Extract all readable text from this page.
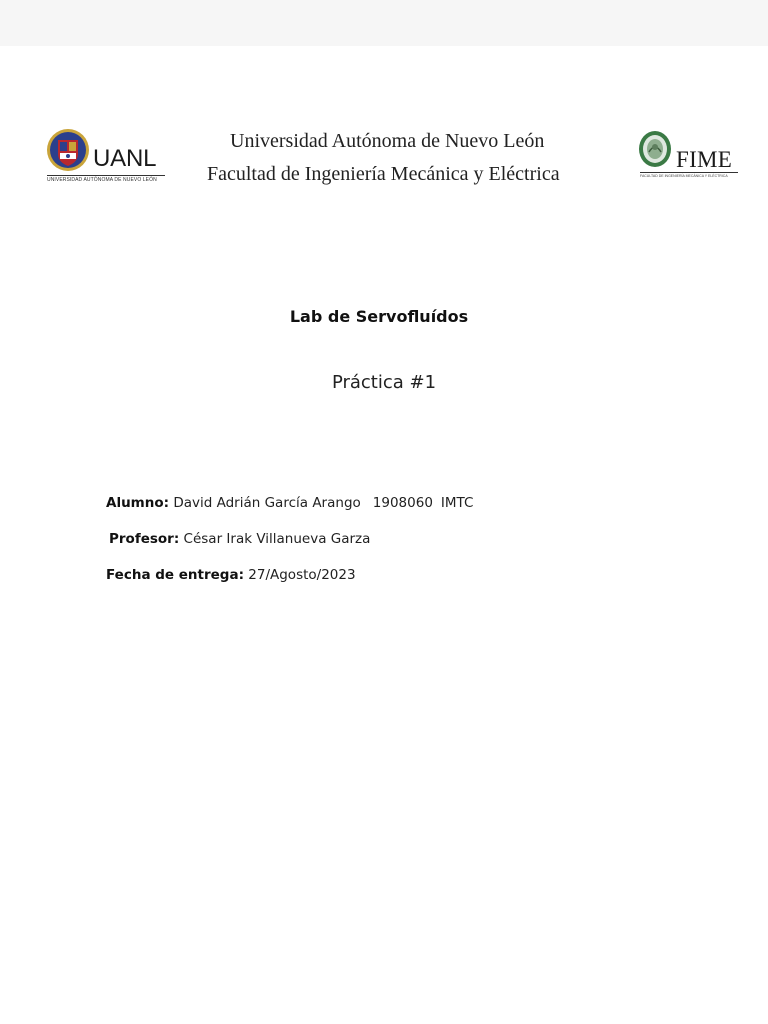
UANL
UNIVERSIDAD AUTÓNOMA DE NUEVO LEÓN
Universidad Autónoma de Nuevo León
Facultad de Ingeniería Mecánica y Eléctrica
FIME
FACULTAD DE INGENIERÍA MECÁNICA Y ELÉCTRICA
Lab de Servofluídos
Práctica #1
Alumno: David Adrián García Arango 1908060 IMTC
Profesor: César Irak Villanueva Garza
Fecha de entrega: 27/Agosto/2023
